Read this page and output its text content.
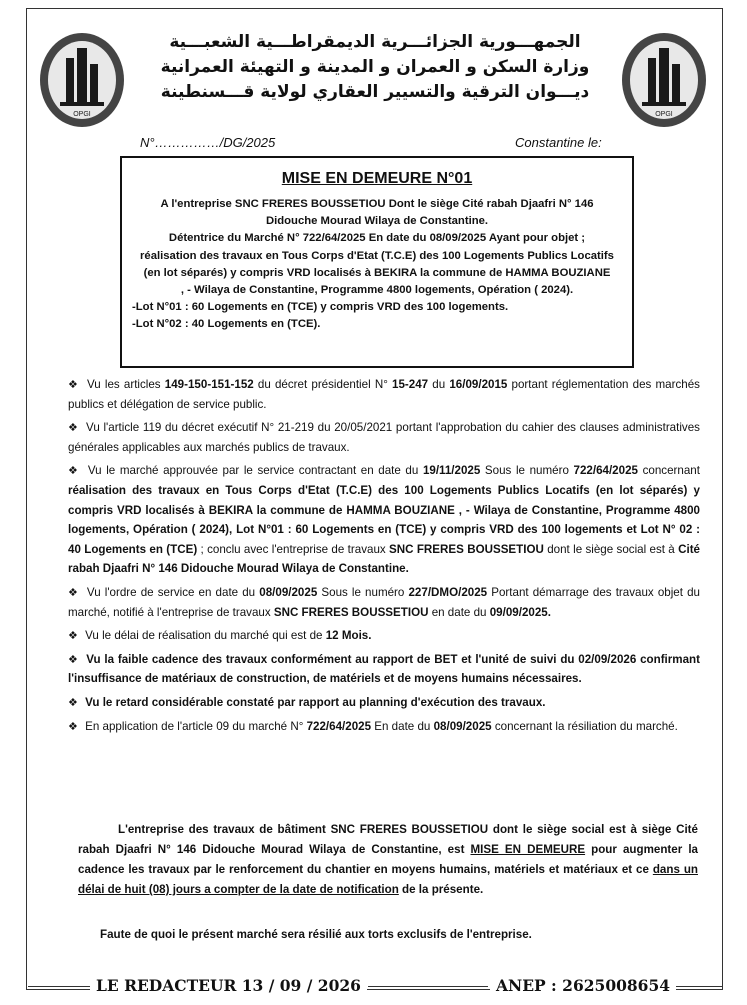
OPGI	OPGI
الجمهـــورية الجزائـــرية الديمقراطـــية الشعبـــية
وزارة السكن و العمران و المدينة و التهيئة العمرانية
ديـــوان الترقية والتسيير العقاري لولاية قـــسنطينة
N°……………/DG/2025	Constantine le:
MISE EN DEMEURE N°01
A l'entreprise SNC FRERES BOUSSETIOU Dont le siège Cité rabah Djaafri N° 146
Didouche Mourad Wilaya de Constantine.
Détentrice du Marché N° 722/64/2025 En date du 08/09/2025 Ayant pour objet ;
réalisation des travaux en Tous Corps d'Etat (T.C.E) des 100 Logements Publics Locatifs
(en lot séparés) y compris VRD localisés à BEKIRA la commune de HAMMA BOUZIANE
, - Wilaya de Constantine, Programme 4800 logements, Opération ( 2024).
-Lot N°01 : 60 Logements en (TCE) y compris VRD des 100 logements.
-Lot N°02 : 40 Logements en (TCE).
❖ Vu les articles 149-150-151-152 du décret présidentiel N° 15-247 du 16/09/2015 portant réglementation des marchés publics et délégation de service public.
❖ Vu l'article 119 du décret exécutif N° 21-219 du 20/05/2021 portant l'approbation du cahier des clauses administratives générales applicables aux marchés publics de travaux.
❖ Vu le marché approuvée par le service contractant en date du 19/11/2025 Sous le numéro 722/64/2025 concernant réalisation des travaux en Tous Corps d'Etat (T.C.E) des 100 Logements Publics Locatifs (en lot séparés) y compris VRD localisés à BEKIRA la commune de HAMMA BOUZIANE , - Wilaya de Constantine, Programme 4800 logements, Opération ( 2024), Lot N°01 : 60 Logements en (TCE) y compris VRD des 100 logements et Lot N° 02 : 40 Logements en (TCE) ; conclu avec l'entreprise de travaux SNC FRERES BOUSSETIOU dont le siège social est à Cité rabah Djaafri N° 146 Didouche Mourad Wilaya de Constantine.
❖ Vu l'ordre de service en date du 08/09/2025 Sous le numéro 227/DMO/2025 Portant démarrage des travaux objet du marché, notifié à l'entreprise de travaux SNC FRERES BOUSSETIOU en date du 09/09/2025.
❖ Vu le délai de réalisation du marché qui est de 12 Mois.
❖ Vu la faible cadence des travaux conformément au rapport de BET et l'unité de suivi du 02/09/2026 confirmant l'insuffisance de matériaux de construction, de matériels et de moyens humains nécessaires.
❖ Vu le retard considérable constaté par rapport au planning d'exécution des travaux.
❖ En application de l'article 09 du marché N° 722/64/2025 En date du 08/09/2025 concernant la résiliation du marché.
L'entreprise des travaux de bâtiment SNC FRERES BOUSSETIOU dont le siège social est à siège Cité rabah Djaafri N° 146 Didouche Mourad Wilaya de Constantine, est MISE EN DEMEURE pour augmenter la cadence les travaux par le renforcement du chantier en moyens humains, matériels et matériaux et ce dans un délai de huit (08) jours a compter de la date de notification de la présente.
Faute de quoi le présent marché sera résilié aux torts exclusifs de l'entreprise.
LE REDACTEUR 13 / 09 / 2026	ANEP : 2625008654
